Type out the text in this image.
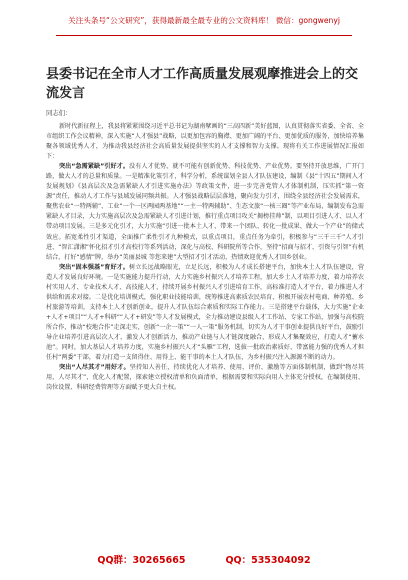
关注头条号“公文研究”，获得最新最全最专业的公文资料库！ 微信：gongwenyj
县委书记在全市人才工作高质量发展观摩推进会上的交流发言
同志们：

新时代新征程上，我县将紧紧围绕习近平总书记为湖南擘画的“三高四新”美好蓝图，认真贯彻落实省委、全省、全市组织工作会议精神，深入实施“人才强县”战略，以更加包容的胸襟、更加广阔的平台、更加优质的服务，加快培养集聚各领域优秀人才，为推动我县经济社会高质量发展提供坚实的人才支撑和智力支撑。现将有关工作进展情况汇报如下：

突出“急需紧缺”引好才。没有人才优势，就不可能有创新优势、科技优势、产业优势。要坚持开放思维，广开门路，做大人才的总量和质量。一是精准化策引才，科学分析，系统谋划全县人才队伍建设，编制《县“十四五”期间人才发展规划》《县高层次及急需紧缺人才引进实施办法》等政策文件，进一步完善党管人才体制机制，压实抓“第一资源”责任，推动人才工作与县域发展同频共振。人才强县战略层层落地，聚向发力引才，围绕全县经济社会发展需求，聚焦农业“一特两辅”、工业“一个一区两园两基地”“一主一特两辅助”、生态文旅“一核三圈”等产业布局，编制发布急需紧缺人才目录，大力实施高层次及急需紧缺人才引进计划，推行重点项目攻关“揭榜挂帅”制，以项目引进人才、以人才带动项目发展。三是多元化引才，大力实施“引进一批本土人才、带来一个团队、转化一批成果、做大一个产业”的储式效应。拓宽柔性引才渠道，全面推广柔性引才九种模式，以重点项目，重点任务为牵引，积极参与“三千三千”人才引进、“智汇潇湘”怀化招才引才高校行等系列活动，深化与高校、科研院所等合作，坚持“招商与招才、引资与引智”有机结合，打好“感情”牌，举办“美丽县城 等您来建”大型招才引才活动，热情欢迎优秀人才回乡创业。

突出“固本强基”育好才。树立长远战略眼光，立足长远，积极为人才成长搭建平台，加快本土人才队伍建设，营造人才发展良好环境。一是实施能力提升行动，大力实施乡村振兴人才培养工程，加大乡土人才培养力度，着力培养农村实用人才、专业技术人才、高技能人才，持续开展乡村振兴人才引进培育工作，高标准打造人才平台，着力推进人才供给和需求对接。二是优化培训模式，强化职业技能培训，统筹推进高素质农民培育，积极开展农村电商、种养殖、乡村旅游等培训，支持本土人才创新创业，提升人才队伍综合素质和实际工作能力。三是搭建平台载体，大力实施“企业+人才+项目”“人才+科研”“人才+研发”等人才发展模式，全力推动建设县级人才工作站、专家工作站，加强与高校院所合作，推动“校地合作”走深走实，创新“一企一策”“一人一策”服务机制，切实为人才干事创业提供良好平台，鼓励引导企业培养引进高层次人才，激发人才创新活力，推动产业链与人才链深度融合，形成人才集聚效应，打造人才“蓄水池”。同时，加大基层人才培养力度，实施乡村振兴人才“头雁”工程，选拔一批政治素质好、带富能力强的优秀人才担任村“两委”干部，着力打造一支留得住、用得上、能干事的本土人才队伍，为乡村振兴注入源源不断的动力。

突出“人尽其才”用好才。坚持知人善任，持续优化人才培养、使用、评价、激励等方面体制机制，做到“物尽其用，人尽其才”，优化人才配置，探索建立授权清单和负面清单，根据需要和实际向用人主体充分授权，在编制使用、岗位设置、科研经费管理等方面赋予更大自主权。

QQ群：30265665	QQ：535304092
